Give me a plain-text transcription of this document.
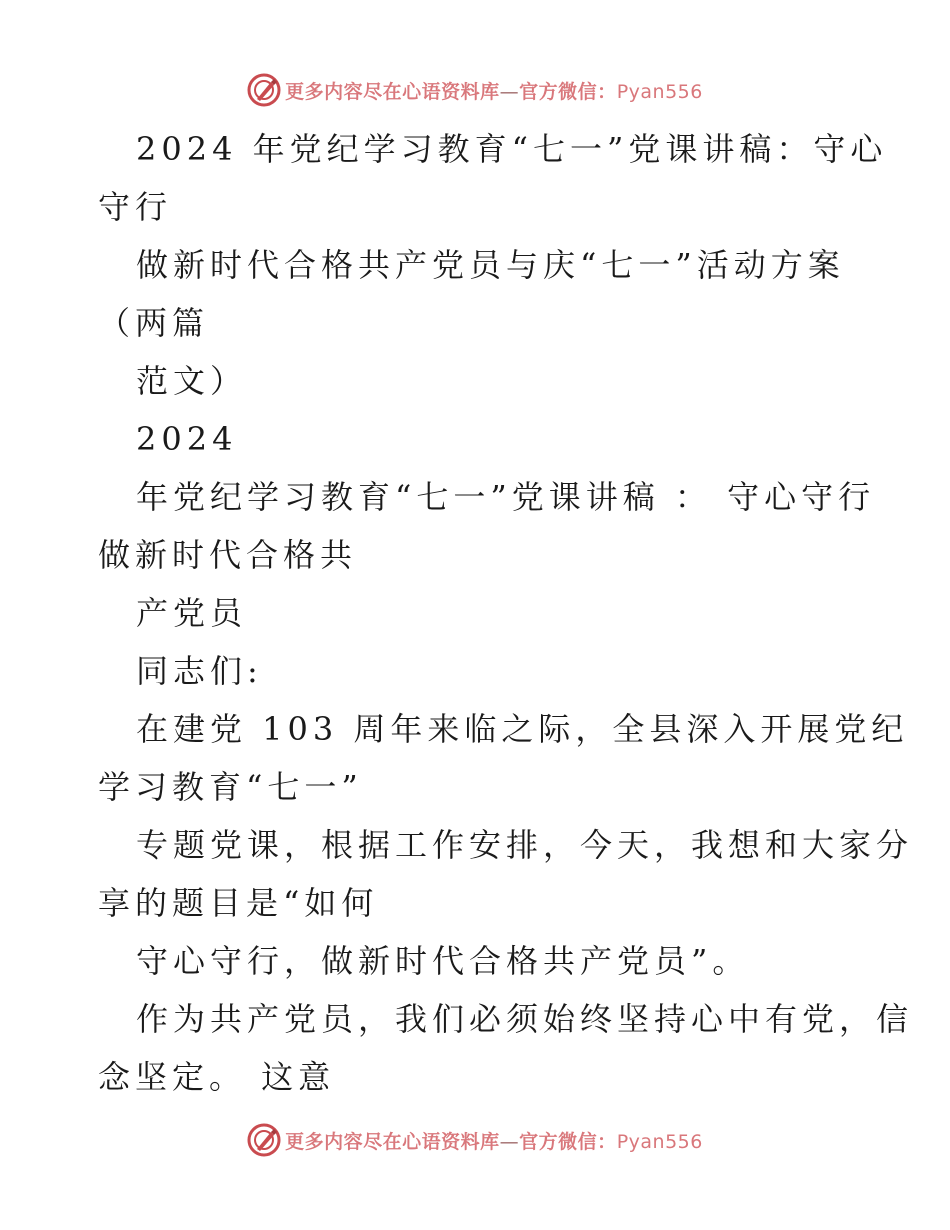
更多内容尽在心语资料库—官方微信：Pyan556
2024 年党纪学习教育“七一”党课讲稿：守心
守行
做新时代合格共产党员与庆“七一”活动方案
（两篇
范文）
2024
年党纪学习教育“七一”党课讲稿 ： 守心守行
做新时代合格共
产党员
同志们:
在建党 103 周年来临之际，全县深入开展党纪
学习教育“七一”
专题党课，根据工作安排，今天，我想和大家分
享的题目是“如何
守心守行，做新时代合格共产党员”。
作为共产党员，我们必须始终坚持心中有党，信
念坚定。 这意
更多内容尽在心语资料库—官方微信：Pyan556
